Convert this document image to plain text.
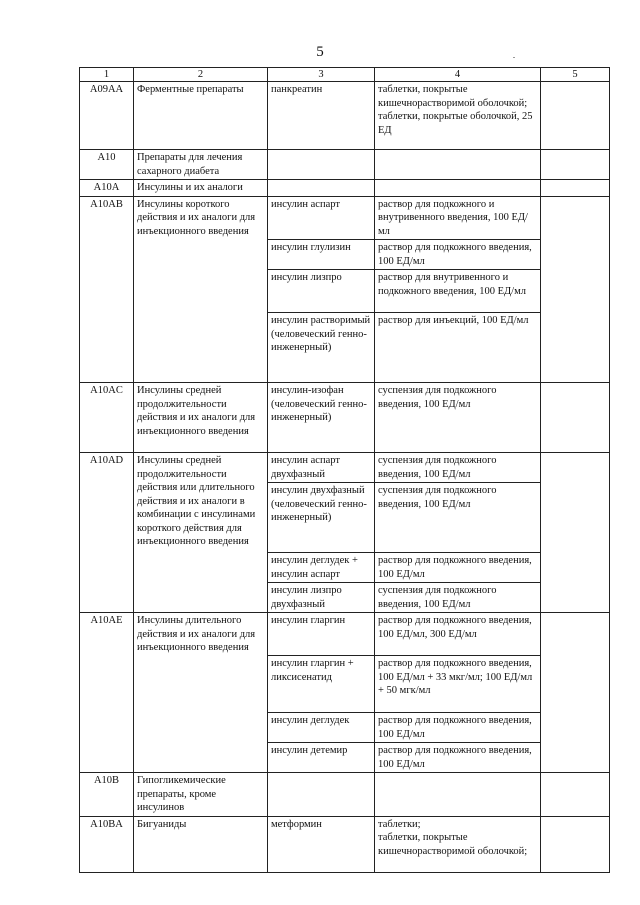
5
1	2	3	4	5
A09AA	Ферментные препараты	панкреатин	таблетки, покрытые кишечнорастворимой оболочкой;
таблетки, покрытые оболочкой, 25 ЕД	
A10	Препараты для лечения сахарного диабета			
A10A	Инсулины и их аналоги			
A10AB	Инсулины короткого действия и их аналоги для инъекционного введения	инсулин аспарт	раствор для подкожного и внутривенного введения, 100 ЕД/мл	
		инсулин глулизин	раствор для подкожного введения, 100 ЕД/мл	
		инсулин лизпро	раствор для внутривенного и подкожного введения, 100 ЕД/мл	
		инсулин растворимый (человеческий генно-инженерный)	раствор для инъекций, 100 ЕД/мл	
A10AC	Инсулины средней продолжительности действия и их аналоги для инъекционного введения	инсулин-изофан (человеческий генно-инженерный)	суспензия для подкожного введения, 100 ЕД/мл	
A10AD	Инсулины средней продолжительности действия или длительного действия и их аналоги в комбинации с инсулинами короткого действия для инъекционного введения	инсулин аспарт двухфазный	суспензия для подкожного введения, 100 ЕД/мл	
		инсулин двухфазный (человеческий генно-инженерный)	суспензия для подкожного введения, 100 ЕД/мл	
		инсулин деглудек + инсулин аспарт	раствор для подкожного введения, 100 ЕД/мл	
		инсулин лизпро двухфазный	суспензия для подкожного введения, 100 ЕД/мл	
A10AE	Инсулины длительного действия и их аналоги для инъекционного введения	инсулин гларгин	раствор для подкожного введения, 100 ЕД/мл, 300 ЕД/мл	
		инсулин гларгин + ликсисенатид	раствор для подкожного введения, 100 ЕД/мл + 33 мкг/мл; 100 ЕД/мл + 50 мгк/мл	
		инсулин деглудек	раствор для подкожного введения, 100 ЕД/мл	
		инсулин детемир	раствор для подкожного введения, 100 ЕД/мл	
A10B	Гипогликемические препараты, кроме инсулинов			
A10BA	Бигуаниды	метформин	таблетки;
таблетки, покрытые кишечнорастворимой оболочкой;	
